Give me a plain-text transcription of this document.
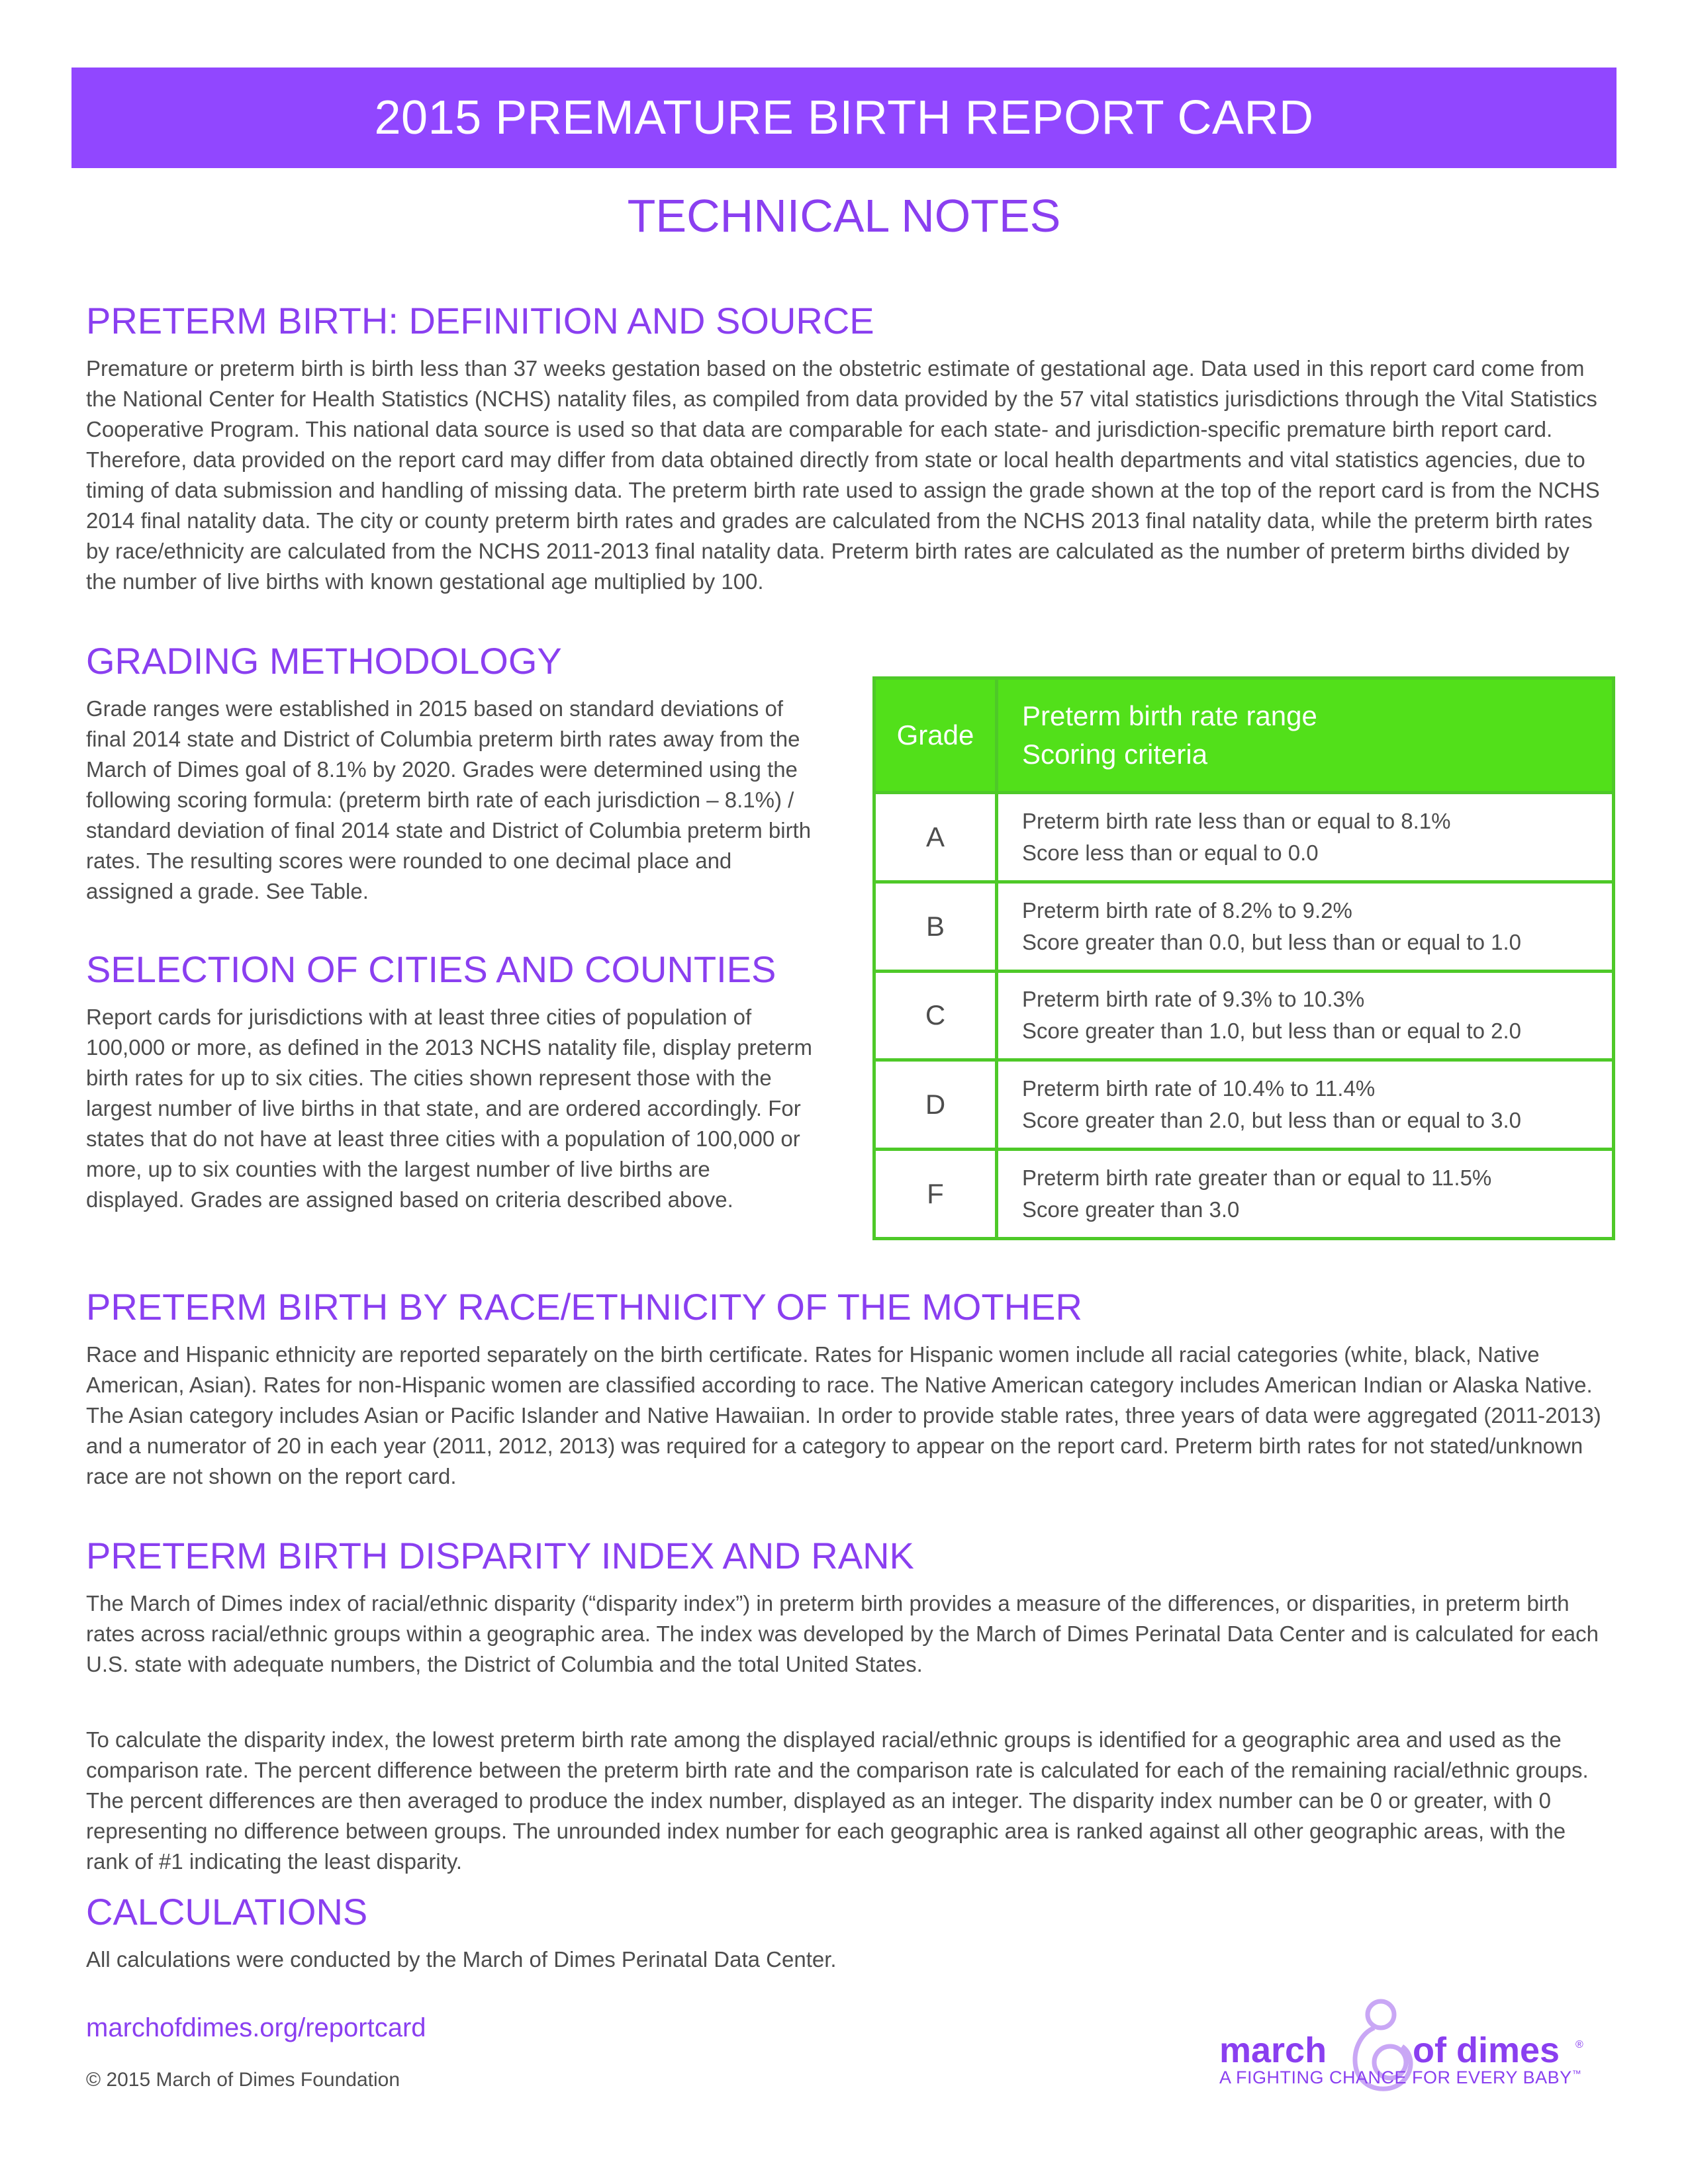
2015 PREMATURE BIRTH REPORT CARD
TECHNICAL NOTES
PRETERM BIRTH: DEFINITION AND SOURCE

Premature or preterm birth is birth less than 37 weeks gestation based on the obstetric estimate of gestational age. Data used in this report card come from the National Center for Health Statistics (NCHS) natality files, as compiled from data provided by the 57 vital statistics jurisdictions through the Vital Statistics Cooperative Program. This national data source is used so that data are comparable for each state- and jurisdiction-specific premature birth report card. Therefore, data provided on the report card may differ from data obtained directly from state or local health departments and vital statistics agencies, due to timing of data submission and handling of missing data. The preterm birth rate used to assign the grade shown at the top of the report card is from the NCHS 2014 final natality data. The city or county preterm birth rates and grades are calculated from the NCHS 2013 final natality data, while the preterm birth rates by race/ethnicity are calculated from the NCHS 2011-2013 final natality data. Preterm birth rates are calculated as the number of preterm births divided by the number of live births with known gestational age multiplied by 100.

GRADING METHODOLOGY

Grade ranges were established in 2015 based on standard deviations of final 2014 state and District of Columbia preterm birth rates away from the March of Dimes goal of 8.1% by 2020. Grades were determined using the following scoring formula: (preterm birth rate of each jurisdiction – 8.1%) / standard deviation of final 2014 state and District of Columbia preterm birth rates. The resulting scores were rounded to one decimal place and assigned a grade. See Table.

SELECTION OF CITIES AND COUNTIES

Report cards for jurisdictions with at least three cities of population of 100,000 or more, as defined in the 2013 NCHS natality file, display preterm birth rates for up to six cities. The cities shown represent those with the largest number of live births in that state, and are ordered accordingly. For states that do not have at least three cities with a population of 100,000 or more, up to six counties with the largest number of live births are displayed. Grades are assigned based on criteria described above.

Grade	Preterm birth rate range
Scoring criteria

A	Preterm birth rate less than or equal to 8.1%
Score less than or equal to 0.0

B	Preterm birth rate of 8.2% to 9.2%
Score greater than 0.0, but less than or equal to 1.0

C	Preterm birth rate of 9.3% to 10.3%
Score greater than 1.0, but less than or equal to 2.0

D	Preterm birth rate of 10.4% to 11.4%
Score greater than 2.0, but less than or equal to 3.0

F	Preterm birth rate greater than or equal to 11.5%
Score greater than 3.0
PRETERM BIRTH BY RACE/ETHNICITY OF THE MOTHER

Race and Hispanic ethnicity are reported separately on the birth certificate. Rates for Hispanic women include all racial categories (white, black, Native American, Asian). Rates for non-Hispanic women are classified according to race. The Native American category includes American Indian or Alaska Native. The Asian category includes Asian or Pacific Islander and Native Hawaiian. In order to provide stable rates, three years of data were aggregated (2011-2013) and a numerator of 20 in each year (2011, 2012, 2013) was required for a category to appear on the report card. Preterm birth rates for not stated/unknown race are not shown on the report card.

PRETERM BIRTH DISPARITY INDEX AND RANK

The March of Dimes index of racial/ethnic disparity (“disparity index”) in preterm birth provides a measure of the differences, or disparities, in preterm birth rates across racial/ethnic groups within a geographic area. The index was developed by the March of Dimes Perinatal Data Center and is calculated for each U.S. state with adequate numbers, the District of Columbia and the total United States.

To calculate the disparity index, the lowest preterm birth rate among the displayed racial/ethnic groups is identified for a geographic area and used as the comparison rate. The percent difference between the preterm birth rate and the comparison rate is calculated for each of the remaining racial/ethnic groups. The percent differences are then averaged to produce the index number, displayed as an integer. The disparity index number can be 0 or greater, with 0 representing no difference between groups. The unrounded index number for each geographic area is ranked against all other geographic areas, with the rank of #1 indicating the least disparity.

CALCULATIONS

All calculations were conducted by the March of Dimes Perinatal Data Center.

marchofdimes.org/reportcard
© 2015 March of Dimes Foundation
march of dimes ®
A FIGHTING CHANCE FOR EVERY BABY™
